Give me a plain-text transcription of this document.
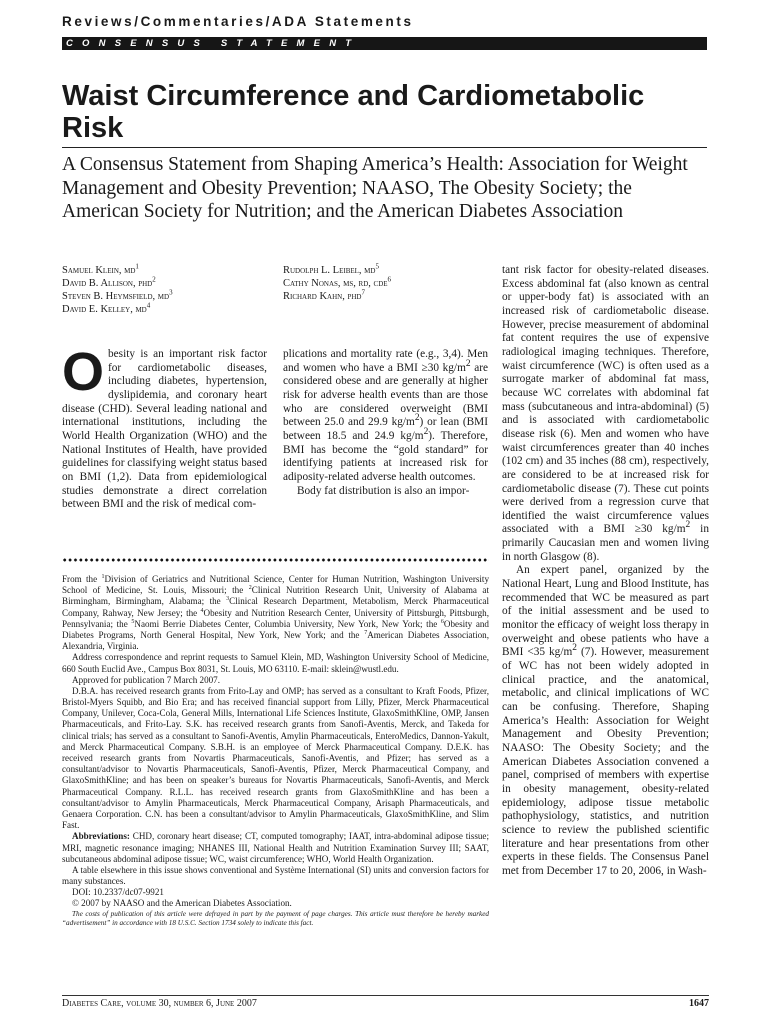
Reviews/Commentaries/ADA Statements
CONSENSUS STATEMENT
Waist Circumference and Cardiometabolic Risk
A Consensus Statement from Shaping America’s Health: Association for Weight Management and Obesity Prevention; NAASO, The Obesity Society; the American Society for Nutrition; and the American Diabetes Association
Samuel Klein, $md^1$
David B. Allison, phd$^2$
Steven B. Heymsfield, $md^3$
David E. Kelley, $md^4$
Rudolph L. Leibel, $md^5$
Cathy Nonas, ms, rd, cde$^6$
Richard Kahn, phd$^7$

Obesity is an important risk factor for cardiometabolic diseases, including diabetes, hypertension, dyslipidemia, and coronary heart disease (CHD). Several leading national and international institutions, including the World Health Organization (WHO) and the National Institutes of Health, have provided guidelines for classifying weight status based on BMI (1,2). Data from epidemiological studies demonstrate a direct correlation between BMI and the risk of medical com-

plications and mortality rate (e.g., 3,4). Men and women who have a BMI ≥30 $kg/m^2$ are considered obese and are generally at higher risk for adverse health events than are those who are considered overweight (BMI between 25.0 and 29.9 $kg/m^2$) or lean (BMI between 18.5 and 24.9 $kg/m^2$). Therefore, BMI has become the “gold standard” for identifying patients at increased risk for adiposity-related adverse health outcomes.

Body fat distribution is also an impor-

tant risk factor for obesity-related diseases. Excess abdominal fat (also known as central or upper-body fat) is associated with an increased risk of cardiometabolic disease. However, precise measurement of abdominal fat content requires the use of expensive radiological imaging techniques. Therefore, waist circumference (WC) is often used as a surrogate marker of abdominal fat mass, because WC correlates with abdominal fat mass (subcutaneous and intra-abdominal) (5) and is associated with cardiometabolic disease risk (6). Men and women who have waist circumferences greater than 40 inches (102 cm) and 35 inches (88 cm), respectively, are considered to be at increased risk for cardiometabolic disease (7). These cut points were derived from a regression curve that identified the waist circumference values associated with a BMI ≥30 $kg/m^2$ in primarily Caucasian men and women living in north Glasgow (8).

An expert panel, organized by the National Heart, Lung and Blood Institute, has recommended that WC be measured as part of the initial assessment and be used to monitor the efficacy of weight loss therapy in overweight and obese patients who have a BMI <35 $kg/m^2$ (7). However, measurement of WC has not been widely adopted in clinical practice, and the anatomical, metabolic, and clinical implications of WC can be confusing. Therefore, Shaping America’s Health: Association for Weight Management and Obesity Prevention; NAASO: The Obesity Society; and the American Diabetes Association convened a panel, comprised of members with expertise in obesity management, obesity-related epidemiology, adipose tissue metabolic pathophysiology, statistics, and nutrition science to review the published scientific literature and hear presentations from other experts in these fields. The Consensus Panel met from December 17 to 20, 2006, in Wash-

From the $^1$Division of Geriatrics and Nutritional Science, Center for Human Nutrition, Washington University School of Medicine, St. Louis, Missouri; the $^2$Clinical Nutrition Research Unit, University of Alabama at Birmingham, Birmingham, Alabama; the $^3$Clinical Research Department, Metabolism, Merck Pharmaceutical Company, Rahway, New Jersey; the $^4$Obesity and Nutrition Research Center, University of Pittsburgh, Pittsburgh, Pennsylvania; the $^5$Naomi Berrie Diabetes Center, Columbia University, New York, New York; the $^6$Obesity and Diabetes Programs, North General Hospital, New York, New York; and the $^7$American Diabetes Association, Alexandria, Virginia.

Address correspondence and reprint requests to Samuel Klein, MD, Washington University School of Medicine, 660 South Euclid Ave., Campus Box 8031, St. Louis, MO 63110. E-mail: sklein@wustl.edu.

Approved for publication 7 March 2007.

D.B.A. has received research grants from Frito-Lay and OMP; has served as a consultant to Kraft Foods, Pfizer, Bristol-Myers Squibb, and Bio Era; and has received financial support from Lilly, Pfizer, Merck Pharmaceutical Company, Unilever, Coca-Cola, General Mills, International Life Sciences Institute, GlaxoSmithKline, OMP, Jansen Pharmaceuticals, and Frito-Lay. S.K. has received research grants from Sanofi-Aventis, Merck, and Takeda for clinical trials; has served as a consultant to Sanofi-Aventis, Amylin Pharmaceuticals, EnteroMedics, Dannon-Yakult, and Merck Pharmaceutical Company. S.B.H. is an employee of Merck Pharmaceutical Company. D.E.K. has received research grants from Novartis Pharmaceuticals, Sanofi-Aventis, and Pfizer; has served as a consultant/advisor to Novartis Pharmaceuticals, Sanofi-Aventis, Pfizer, Merck Pharmaceutical Company, and GlaxoSmithKline; and has been on speaker’s bureaus for Novartis Pharmaceuticals, Sanofi-Aventis, and Merck Pharmaceutical Company. R.L.L. has received research grants from GlaxoSmithKline and has been a consultant/advisor to Amylin Pharmaceuticals, Merck Pharmaceutical Company, Arisaph Pharmaceuticals, and Genaera Corporation. C.N. has been a consultant/advisor to Amylin Pharmaceuticals, GlaxoSmithKline, and Slim Fast.

Abbreviations: CHD, coronary heart disease; CT, computed tomography; IAAT, intra-abdominal adipose tissue; MRI, magnetic resonance imaging; NHANES III, National Health and Nutrition Examination Survey III; SAAT, subcutaneous abdominal adipose tissue; WC, waist circumference; WHO, World Health Organization.

A table elsewhere in this issue shows conventional and Système International (SI) units and conversion factors for many substances.

DOI: 10.2337/dc07-9921

© 2007 by NAASO and the American Diabetes Association.

The costs of publication of this article were defrayed in part by the payment of page charges. This article must therefore be hereby marked “advertisement” in accordance with 18 U.S.C. Section 1734 solely to indicate this fact.

Diabetes Care, volume 30, number 6, June 2007	1647
